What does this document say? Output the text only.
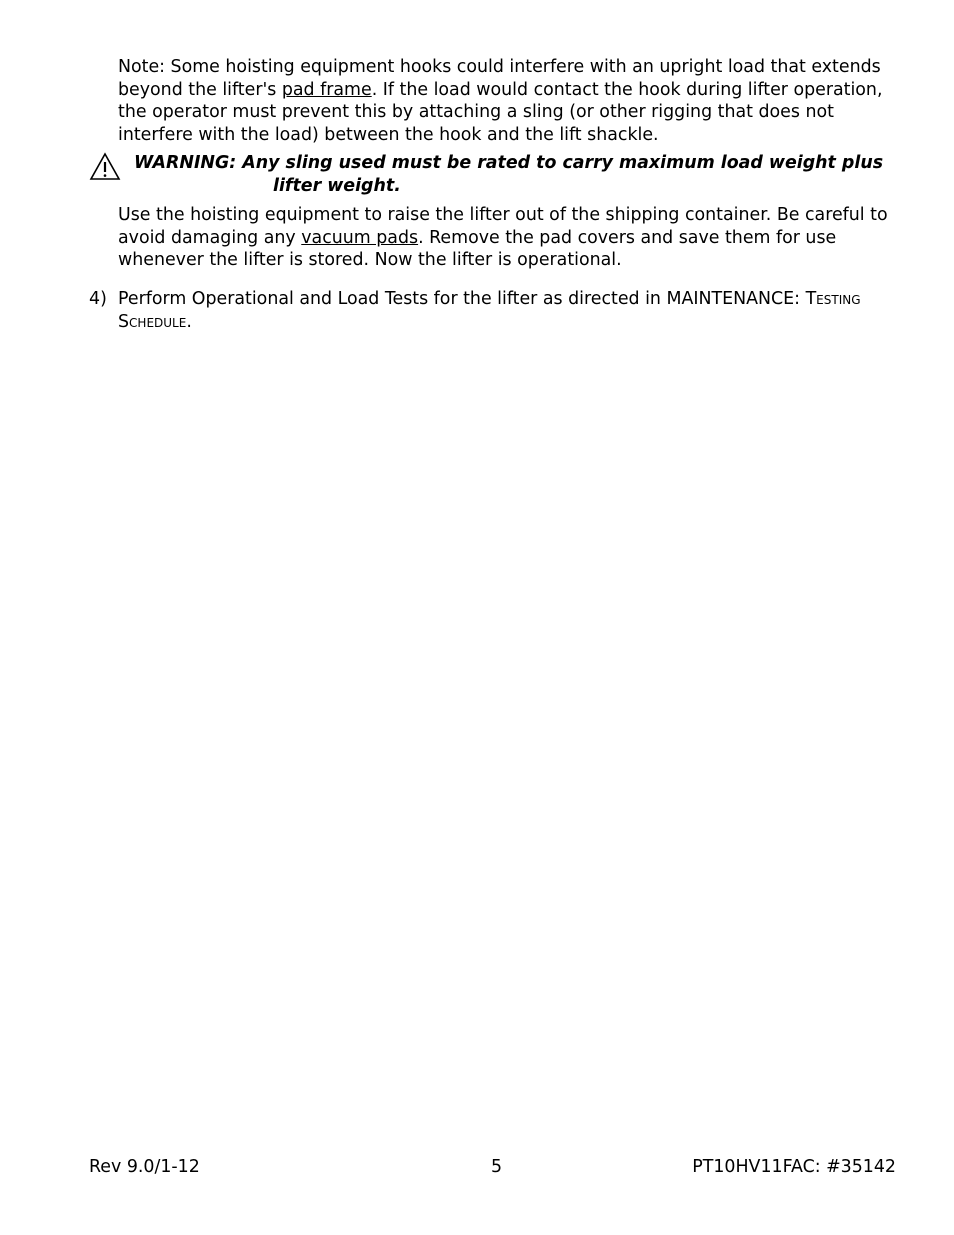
Note: Some hoisting equipment hooks could interfere with an upright load that extends beyond the lifter's pad frame. If the load would contact the hook during lifter operation, the operator must prevent this by attaching a sling (or other rigging that does not interfere with the load) between the hook and the lift shackle.

WARNING: Any sling used must be rated to carry maximum load weight plus
lifter weight.

Use the hoisting equipment to raise the lifter out of the shipping container. Be careful to avoid damaging any vacuum pads. Remove the pad covers and save them for use whenever the lifter is stored. Now the lifter is operational.

4) Perform Operational and Load Tests for the lifter as directed in MAINTENANCE: Testing Schedule.
Rev 9.0/1-12	5	PT10HV11FAC: #35142
